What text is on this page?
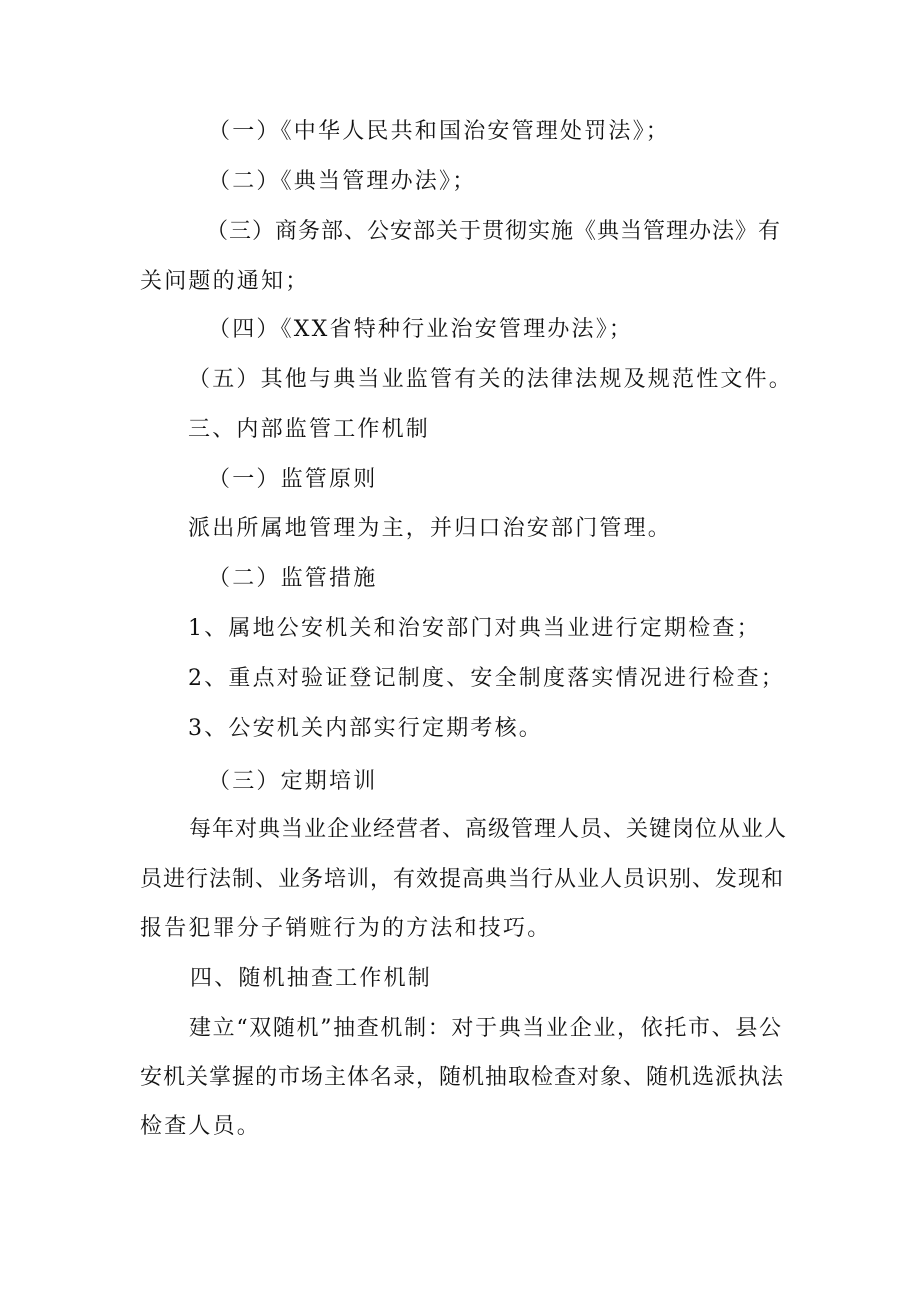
（一）《中华人民共和国治安管理处罚法》；
（二）《典当管理办法》；
（三）商务部、公安部关于贯彻实施《典当管理办法》有
关问题的通知；
（四）《XX省特种行业治安管理办法》；
（五）其他与典当业监管有关的法律法规及规范性文件。
三、内部监管工作机制
（一）监管原则
派出所属地管理为主，并归口治安部门管理。
（二）监管措施
1、属地公安机关和治安部门对典当业进行定期检查；
2、重点对验证登记制度、安全制度落实情况进行检查；
3、公安机关内部实行定期考核。
（三）定期培训
每年对典当业企业经营者、高级管理人员、关键岗位从业人
员进行法制、业务培训，有效提高典当行从业人员识别、发现和
报告犯罪分子销赃行为的方法和技巧。
四、随机抽查工作机制
建立“双随机”抽查机制：对于典当业企业，依托市、县公
安机关掌握的市场主体名录，随机抽取检查对象、随机选派执法
检查人员。
